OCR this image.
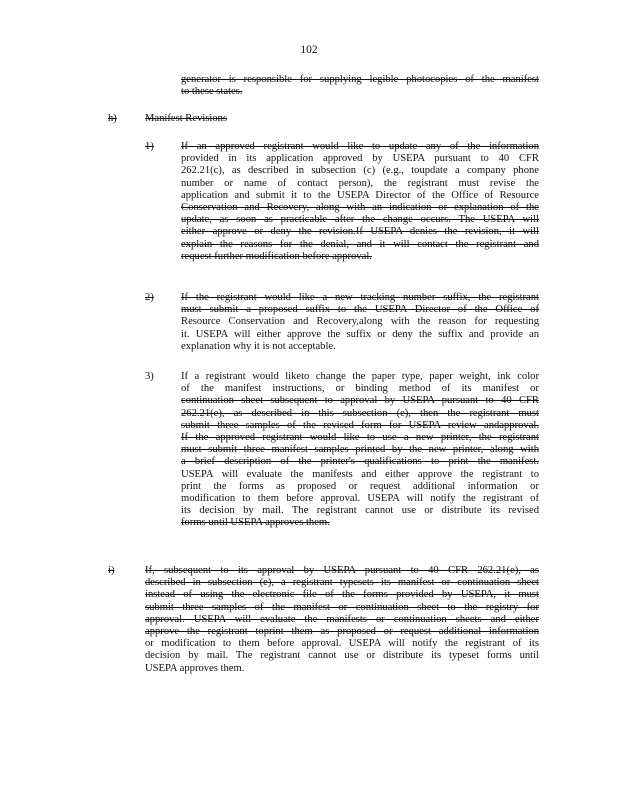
102
generator is responsible for supplying legible photocopies of the manifest
to these states.
h)	Manifest Revisions
1)	If an approved registrant would like to update any of the information
provided in its application approved by USEPA pursuant to 40 CFR
262.21(c), as described in subsection (c) (e.g., toupdate a company phone
number or name of contact person), the registrant must revise the
application and submit it to the USEPA Director of the Office of Resource
Conservation and Recovery, along with an indication or explanation of the
update, as soon as practicable after the change occurs. The USEPA will
either approve or deny the revision.If USEPA denies the revision, it will
explain the reasons for the denial, and it will contact the registrant and
request further modification before approval.
2)	If the registrant would like a new tracking number suffix, the registrant
must submit a proposed suffix to the USEPA Director of the Office of
Resource Conservation and Recovery,along with the reason for requesting
it. USEPA will either approve the suffix or deny the suffix and provide an
explanation why it is not acceptable.
3)	If a registrant would liketo change the paper type, paper weight, ink color
of the manifest instructions, or binding method of its manifest or
continuation sheet subsequent to approval by USEPA pursuant to 40 CFR
262.21(e), as described in this subsection (e), then the registrant must
submit three samples of the revised form for USEPA review andapproval.
If the approved registrant would like to use a new printer, the registrant
must submit three manifest samples printed by the new printer, along with
a brief description of the printer's qualifications to print the manifest.
USEPA will evaluate the manifests and either approve the registrant to
print the forms as proposed or request additional information or
modification to them before approval. USEPA will notify the registrant of
its decision by mail. The registrant cannot use or distribute its revised
forms until USEPA approves them.
i)	If, subsequent to its approval by USEPA pursuant to 40 CFR 262.21(e), as
described in subsection (e), a registrant typesets its manifest or continuation sheet
instead of using the electronic file of the forms provided by USEPA, it must
submit three samples of the manifest or continuation sheet to the registry for
approval. USEPA will evaluate the manifests or continuation sheets and either
approve the registrant toprint them as proposed or request additional information
or modification to them before approval. USEPA will notify the registrant of its
decision by mail. The registrant cannot use or distribute its typeset forms until
USEPA approves them.
